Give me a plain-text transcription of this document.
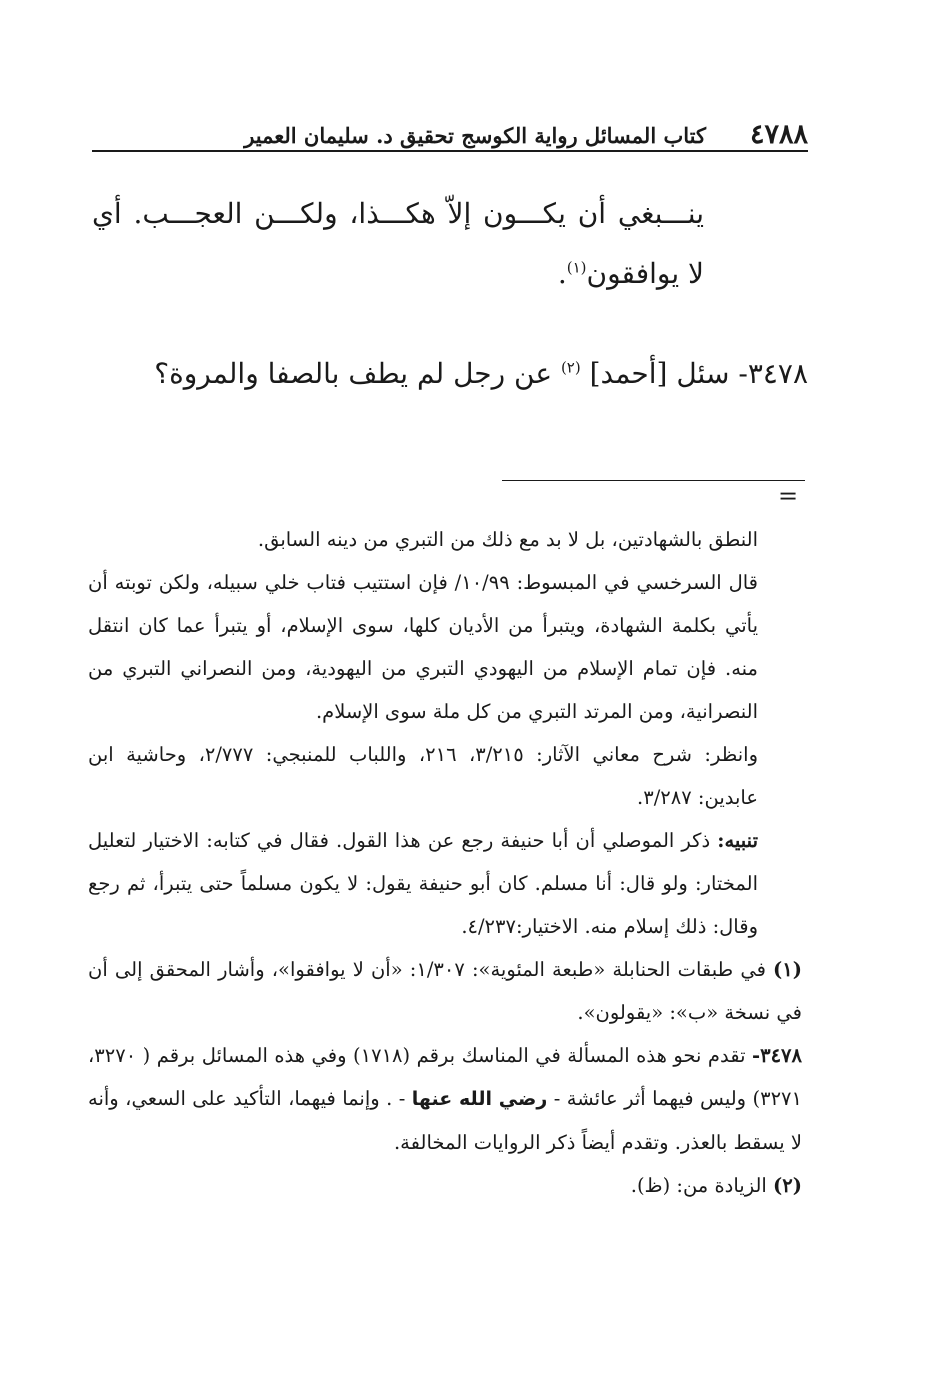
٤٧٨٨
كتاب المسائل رواية الكوسج تحقيق د. سليمان العمير
ينـــبغي أن يكـــون إلاّ هكـــذا، ولكـــن العجـــب. أي لا يوافقون$^{(١)}$.
٣٤٧٨- سئل [أحمد] $^{(٢)}$ عن رجل لم يطف بالصفا والمروة؟
=

النطق بالشهادتين، بل لا بد مع ذلك من التبري من دينه السابق.

قال السرخسي في المبسوط: ١٠/٩٩/ فإن استتيب فتاب خلي سبيله، ولكن توبته أن يأتي بكلمة الشهادة، ويتبرأ من الأديان كلها، سوى الإسلام، أو يتبرأ عما كان انتقل منه. فإن تمام الإسلام من اليهودي التبري من اليهودية، ومن النصراني التبري من النصرانية، ومن المرتد التبري من كل ملة سوى الإسلام.

وانظر: شرح معاني الآثار: ٣/٢١٥، ٢١٦، واللباب للمنبجي: ٢/٧٧٧، وحاشية ابن عابدين: ٣/٢٨٧.

تنبيه: ذكر الموصلي أن أبا حنيفة رجع عن هذا القول. فقال في كتابه: الاختيار لتعليل المختار: ولو قال: أنا مسلم. كان أبو حنيفة يقول: لا يكون مسلماً حتى يتبرأ، ثم رجع وقال: ذلك إسلام منه. الاختيار:٤/٢٣٧.

(١) في طبقات الحنابلة «طبعة المئوية»: ١/٣٠٧: «أن لا يوافقوا»، وأشار المحقق إلى أن في نسخة «ب»: «يقولون».

٣٤٧٨- تقدم نحو هذه المسألة في المناسك برقم (١٧١٨) وفي هذه المسائل برقم ( ٣٢٧٠، ٣٢٧١) وليس فيهما أثر عائشة - رضي الله عنها - . وإنما فيهما، التأكيد على السعي، وأنه لا يسقط بالعذر. وتقدم أيضاً ذكر الروايات المخالفة.

(٢) الزيادة من: (ظ).
